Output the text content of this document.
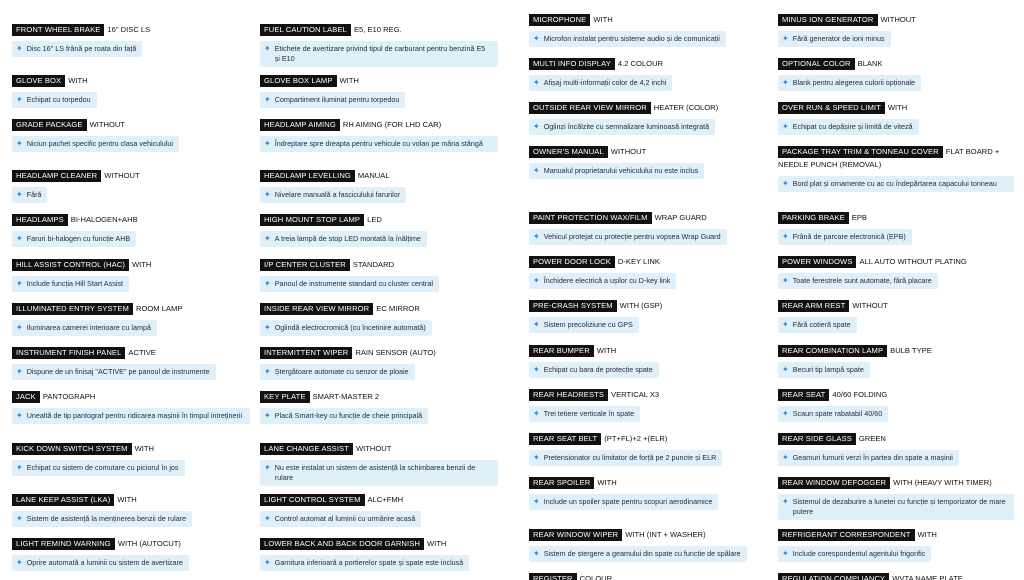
FRONT WHEEL BRAKE 16" DISC LS
✦ Disc 16" LS frână pe roata din față
GLOVE BOX WITH
✦ Echipat cu torpedou
GRADE PACKAGE WITHOUT
✦ Niciun pachet specific pentru clasa vehiculului
HEADLAMP CLEANER WITHOUT
✦ Fără
HEADLAMPS BI-HALOGEN+AHB
✦ Faruri bi-halogen cu funcție AHB
HILL ASSIST CONTROL (HAC) WITH
✦ Include funcția Hill Start Assist
ILLUMINATED ENTRY SYSTEM ROOM LAMP
✦ Iluminarea camerei interioare cu lampă
INSTRUMENT FINISH PANEL ACTIVE
✦ Dispune de un finisaj "ACTIVE" pe panoul de instrumente
JACK PANTOGRAPH
✦ Unealtă de tip pantograf pentru ridicarea mașinii în timpul intreținerii
KICK DOWN SWITCH SYSTEM WITH
✦ Echipat cu sistem de comutare cu piciorul în jos
LANE KEEP ASSIST (LKA) WITH
✦ Sistem de asistență la menținerea benzii de rulare
LIGHT REMIND WARNING WITH (AUTOCUT)
✦ Oprire automată a luminii cu sistem de avertizare
FUEL CAUTION LABEL E5, E10 REG.
✦ Etichete de avertizare privind tipul de carburant pentru benzină E5 și E10
GLOVE BOX LAMP WITH
✦ Compartiment iluminat pentru torpedou
HEADLAMP AIMING RH AIMING (FOR LHD CAR)
✦ Îndreptare spre dreapta pentru vehicule cu volan pe mâna stângă
HEADLAMP LEVELLING MANUAL
✦ Nivelare manuală a fasciculului farurilor
HIGH MOUNT STOP LAMP LED
✦ A treia lampă de stop LED montată la înălțime
I/P CENTER CLUSTER STANDARD
✦ Panoul de instrumente standard cu cluster central
INSIDE REAR VIEW MIRROR EC MIRROR
✦ Oglindă electrocromică (cu încetinire automată)
INTERMITTENT WIPER RAIN SENSOR (AUTO)
✦ Ștergătoare automate cu senzor de ploaie
KEY PLATE SMART-MASTER 2
✦ Placă Smart-key cu funcție de cheie principală
LANE CHANGE ASSIST WITHOUT
✦ Nu este instalat un sistem de asistență la schimbarea benzii de rulare
LIGHT CONTROL SYSTEM ALC+FMH
✦ Control automat al luminii cu urmărire acasă
LOWER BACK AND BACK DOOR GARNISH WITH
✦ Garnitura inferioară a portierelor spate și spate este inclusă
MICROPHONE WITH
✦ Microfon instalat pentru sisteme audio și de comunicații
MULTI INFO DISPLAY 4.2 COLOUR
✦ Afișaj multi-informații color de 4,2 inchi
OUTSIDE REAR VIEW MIRROR HEATER (COLOR)
✦ Oglinzi încălzite cu semnalizare luminoasă integrată
OWNER'S MANUAL WITHOUT
✦ Manualul proprietarului vehiculului nu este inclus
PAINT PROTECTION WAX/FILM WRAP GUARD
✦ Vehicul protejat cu protecție pentru vopsea Wrap Guard
POWER DOOR LOCK D-KEY LINK
✦ Închidere electrică a ușilor cu D-key link
PRE-CRASH SYSTEM WITH (GSP)
✦ Sistem precoliziune cu GPS
REAR BUMPER WITH
✦ Echipat cu bara de protecție spate
REAR HEADRESTS VERTICAL X3
✦ Trei tetiere verticale în spate
REAR SEAT BELT (PT+FL)+2 +(ELR)
✦ Pretensionator cu limitator de forță pe 2 puncte și ELR
REAR SPOILER WITH
✦ Include un spoiler spate pentru scopuri aerodinamice
REAR WINDOW WIPER WITH (INT + WASHER)
✦ Sistem de ștergere a geamului din spate cu funcție de spălare
REGISTER COLOUR
MINUS ION GENERATOR WITHOUT
✦ Fără generator de ioni minus
OPTIONAL COLOR BLANK
✦ Blank pentru alegerea culorii opționale
OVER RUN & SPEED LIMIT WITH
✦ Echipat cu depășire și limită de viteză
PACKAGE TRAY TRIM & TONNEAU COVER FLAT BOARD + NEEDLE PUNCH (REMOVAL)
✦ Bord plat și ornamente cu ac cu îndepărtarea capacului tonneau
PARKING BRAKE EPB
✦ Frână de parcare electronică (EPB)
POWER WINDOWS ALL AUTO WITHOUT PLATING
✦ Toate ferestrele sunt automate, fără placare
REAR ARM REST WITHOUT
✦ Fără cotieră spate
REAR COMBINATION LAMP BULB TYPE
✦ Becuri tip lampă spate
REAR SEAT 40/60 FOLDING
✦ Scaun spate rabatabil 40/60
REAR SIDE GLASS GREEN
✦ Geamuri fumurii verzi în partea din spate a mașinii
REAR WINDOW DEFOGGER WITH (HEAVY WITH TIMER)
✦ Sistemul de dezaburire a lunetei cu funcție și temporizator de mare putere
REFRIGERANT CORRESPONDENT WITH
✦ Include corespondentul agentului frigorific
REGULATION COMPLIANCY WVTA NAME PLATE
